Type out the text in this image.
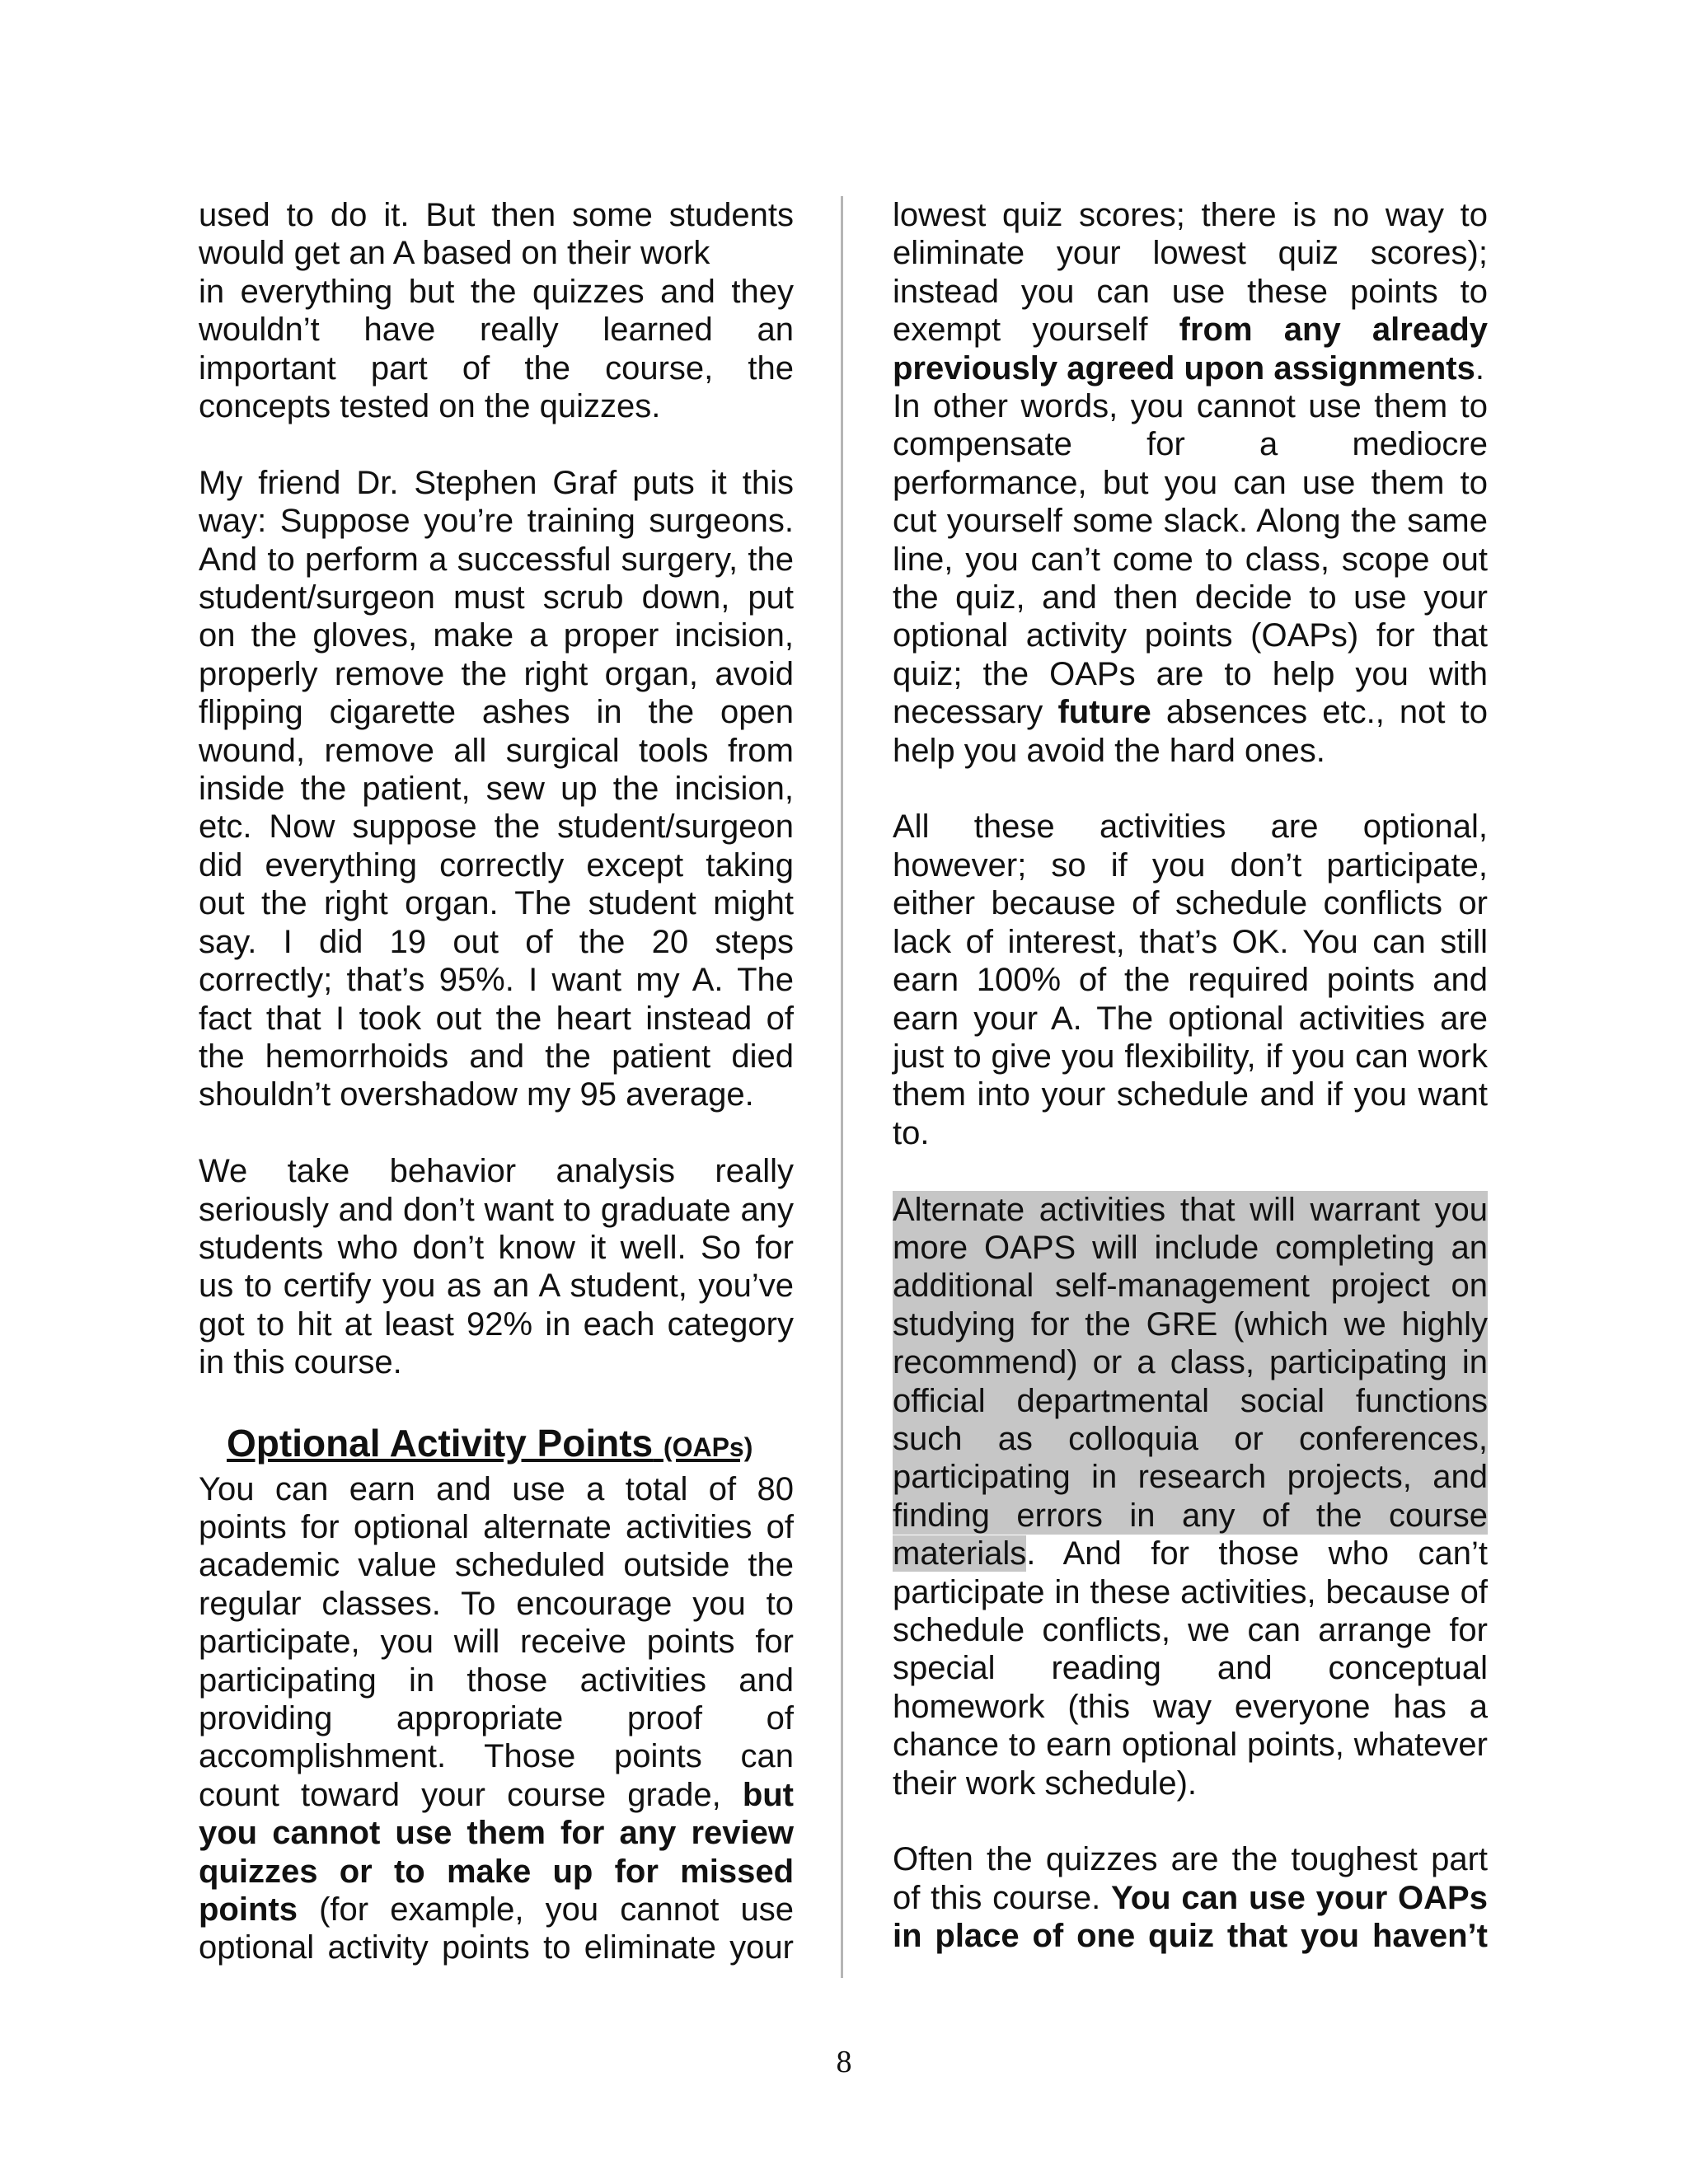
used to do it. But then some students
would get an A based on their work
in everything but the quizzes and they
wouldn’t have really learned an
important part of the course, the
concepts tested on the quizzes.

My friend Dr. Stephen Graf puts it this
way: Suppose you’re training surgeons.
And to perform a successful surgery, the
student/surgeon must scrub down, put
on the gloves, make a proper incision,
properly remove the right organ, avoid
flipping cigarette ashes in the open
wound, remove all surgical tools from
inside the patient, sew up the incision,
etc. Now suppose the student/surgeon
did everything correctly except taking
out the right organ. The student might
say. I did 19 out of the 20 steps
correctly; that’s 95%. I want my A. The
fact that I took out the heart instead of
the hemorrhoids and the patient died
shouldn’t overshadow my 95 average.

We take behavior analysis really
seriously and don’t want to graduate any
students who don’t know it well. So for
us to certify you as an A student, you’ve
got to hit at least 92% in each category
in this course.

Optional Activity Points (OAPs)

You can earn and use a total of 80
points for optional alternate activities of
academic value scheduled outside the
regular classes. To encourage you to
participate, you will receive points for
participating in those activities and
providing appropriate proof of
accomplishment. Those points can
count toward your course grade, but
you cannot use them for any review
quizzes or to make up for missed
points (for example, you cannot use
optional activity points to eliminate your

lowest quiz scores; there is no way to
eliminate your lowest quiz scores);
instead you can use these points to
exempt yourself from any already
previously agreed upon assignments.
In other words, you cannot use them to
compensate for a mediocre
performance, but you can use them to
cut yourself some slack. Along the same
line, you can’t come to class, scope out
the quiz, and then decide to use your
optional activity points (OAPs) for that
quiz; the OAPs are to help you with
necessary future absences etc., not to
help you avoid the hard ones.

All these activities are optional,
however; so if you don’t participate,
either because of schedule conflicts or
lack of interest, that’s OK. You can still
earn 100% of the required points and
earn your A. The optional activities are
just to give you flexibility, if you can work
them into your schedule and if you want
to.

Alternate activities that will warrant you
more OAPS will include completing an
additional self-management project on
studying for the GRE (which we highly
recommend) or a class, participating in
official departmental social functions
such as colloquia or conferences,
participating in research projects, and
finding errors in any of the course
materials. And for those who can’t
participate in these activities, because of
schedule conflicts, we can arrange for
special reading and conceptual
homework (this way everyone has a
chance to earn optional points, whatever
their work schedule).

Often the quizzes are the toughest part
of this course. You can use your OAPs
in place of one quiz that you haven’t

8
